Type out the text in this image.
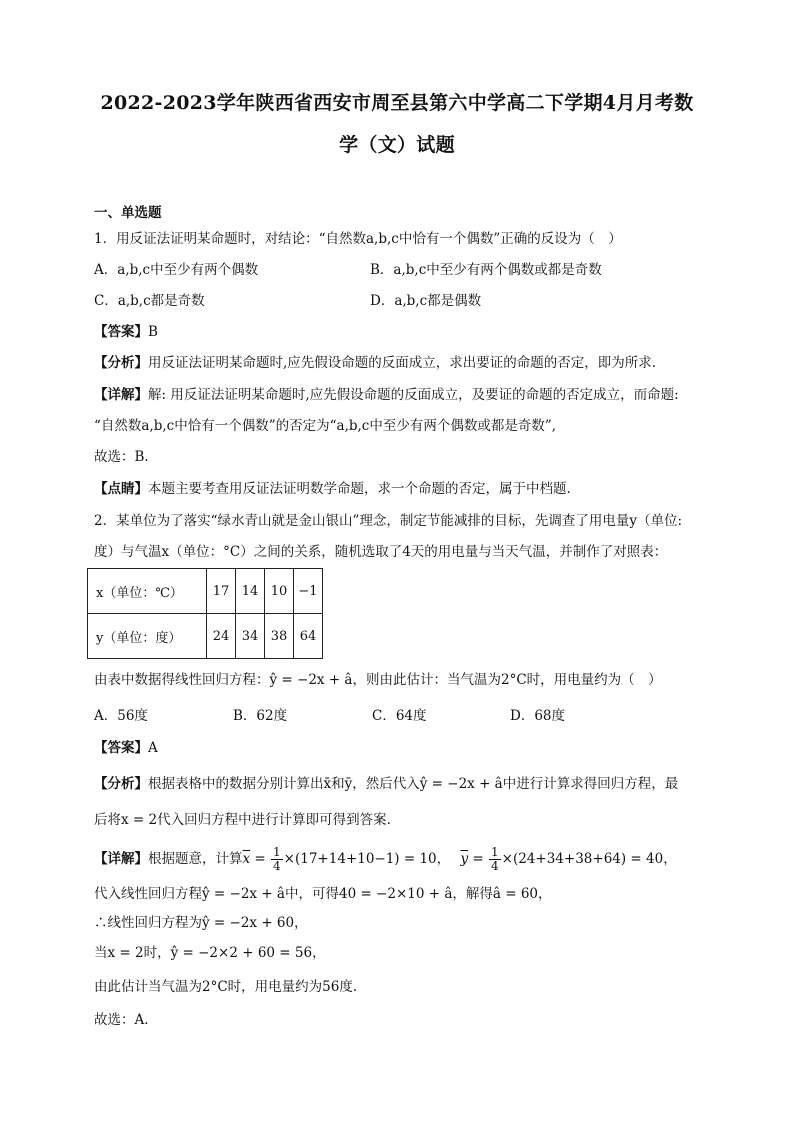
2022-2023学年陕西省西安市周至县第六中学高二下学期4月月考数
学（文）试题
一、单选题
1．用反证法证明某命题时，对结论：“自然数a,b,c中恰有一个偶数”正确的反设为（　）
A．a,b,c中至少有两个偶数	B．a,b,c中至少有两个偶数或都是奇数
C．a,b,c都是奇数	D．a,b,c都是偶数
【答案】B
【分析】用反证法证明某命题时,应先假设命题的反面成立，求出要证的命题的否定，即为所求.
【详解】解: 用反证法证明某命题时,应先假设命题的反面成立，及要证的命题的否定成立，而命题:
“自然数a,b,c中恰有一个偶数”的否定为“a,b,c中至少有两个偶数或都是奇数”,
故选：B.
【点睛】本题主要考查用反证法证明数学命题，求一个命题的否定，属于中档题.
2．某单位为了落实“绿水青山就是金山银山”理念，制定节能减排的目标，先调查了用电量y（单位:
度）与气温x（单位：°C）之间的关系，随机选取了4天的用电量与当天气温，并制作了对照表：
x（单位：℃）	17	14	10	−1
y（单位：度）	24	34	38	64
由表中数据得线性回归方程：ŷ = −2x + â，则由此估计：当气温为2°C时，用电量约为（　）
A．56度	B．62度	C．64度	D．68度
【答案】A
【分析】根据表格中的数据分别计算出x̄和ȳ，然后代入ŷ = −2x + â中进行计算求得回归方程，最
后将x = 2代入回归方程中进行计算即可得到答案.
【详解】根据题意，计算$\overline{x} = \frac{1}{4} \times(17+14+10-1) = 10$， $\overline{y} = \frac{1}{4} \times(24+34+38+64) = 40$，
代入线性回归方程ŷ = −2x + â中，可得40 = −2×10 + â，解得â = 60，
∴线性回归方程为ŷ = −2x + 60，
当x = 2时，ŷ = −2×2 + 60 = 56，
由此估计当气温为2°C时，用电量约为56度.
故选：A.
